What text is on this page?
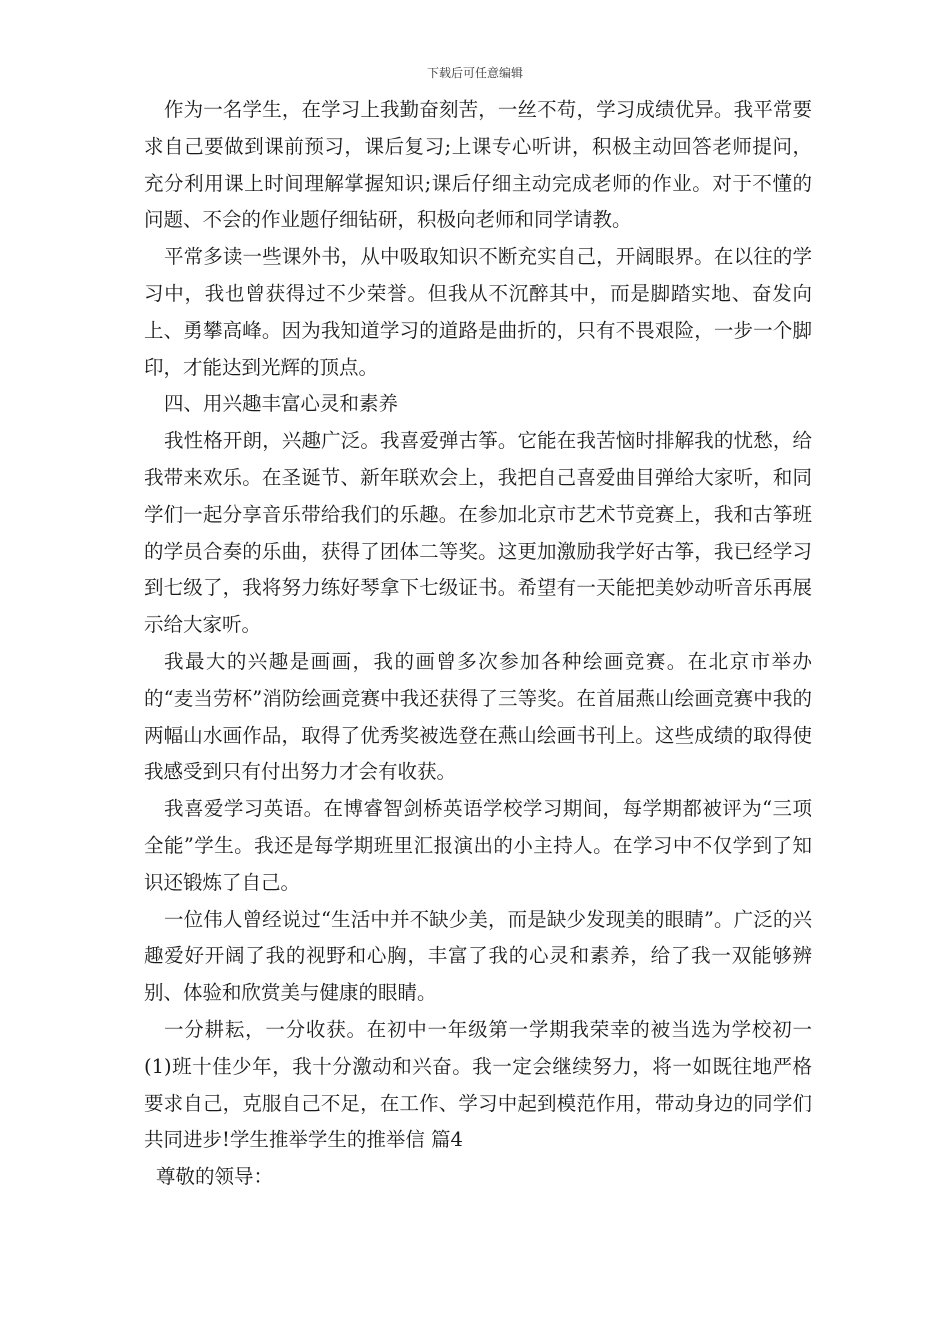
下载后可任意编辑

作为一名学生，在学习上我勤奋刻苦，一丝不苟，学习成绩优异。我平常要求自己要做到课前预习，课后复习;上课专心听讲，积极主动回答老师提问，充分利用课上时间理解掌握知识;课后仔细主动完成老师的作业。对于不懂的问题、不会的作业题仔细钻研，积极向老师和同学请教。

平常多读一些课外书，从中吸取知识不断充实自己，开阔眼界。在以往的学习中，我也曾获得过不少荣誉。但我从不沉醉其中，而是脚踏实地、奋发向上、勇攀高峰。因为我知道学习的道路是曲折的，只有不畏艰险，一步一个脚印，才能达到光辉的顶点。

四、用兴趣丰富心灵和素养

我性格开朗，兴趣广泛。我喜爱弹古筝。它能在我苦恼时排解我的忧愁，给我带来欢乐。在圣诞节、新年联欢会上，我把自己喜爱曲目弹给大家听，和同学们一起分享音乐带给我们的乐趣。在参加北京市艺术节竞赛上，我和古筝班的学员合奏的乐曲，获得了团体二等奖。这更加激励我学好古筝，我已经学习到七级了，我将努力练好琴拿下七级证书。希望有一天能把美妙动听音乐再展示给大家听。

我最大的兴趣是画画，我的画曾多次参加各种绘画竞赛。在北京市举办的“麦当劳杯”消防绘画竞赛中我还获得了三等奖。在首届燕山绘画竞赛中我的两幅山水画作品，取得了优秀奖被选登在燕山绘画书刊上。这些成绩的取得使我感受到只有付出努力才会有收获。

我喜爱学习英语。在博睿智剑桥英语学校学习期间，每学期都被评为“三项全能”学生。我还是每学期班里汇报演出的小主持人。在学习中不仅学到了知识还锻炼了自己。

一位伟人曾经说过“生活中并不缺少美，而是缺少发现美的眼睛”。广泛的兴趣爱好开阔了我的视野和心胸，丰富了我的心灵和素养，给了我一双能够辨别、体验和欣赏美与健康的眼睛。

一分耕耘，一分收获。在初中一年级第一学期我荣幸的被当选为学校初一(1)班十佳少年，我十分激动和兴奋。我一定会继续努力，将一如既往地严格要求自己，克服自己不足，在工作、学习中起到模范作用，带动身边的同学们共同进步!学生推举学生的推举信 篇4

尊敬的领导：
